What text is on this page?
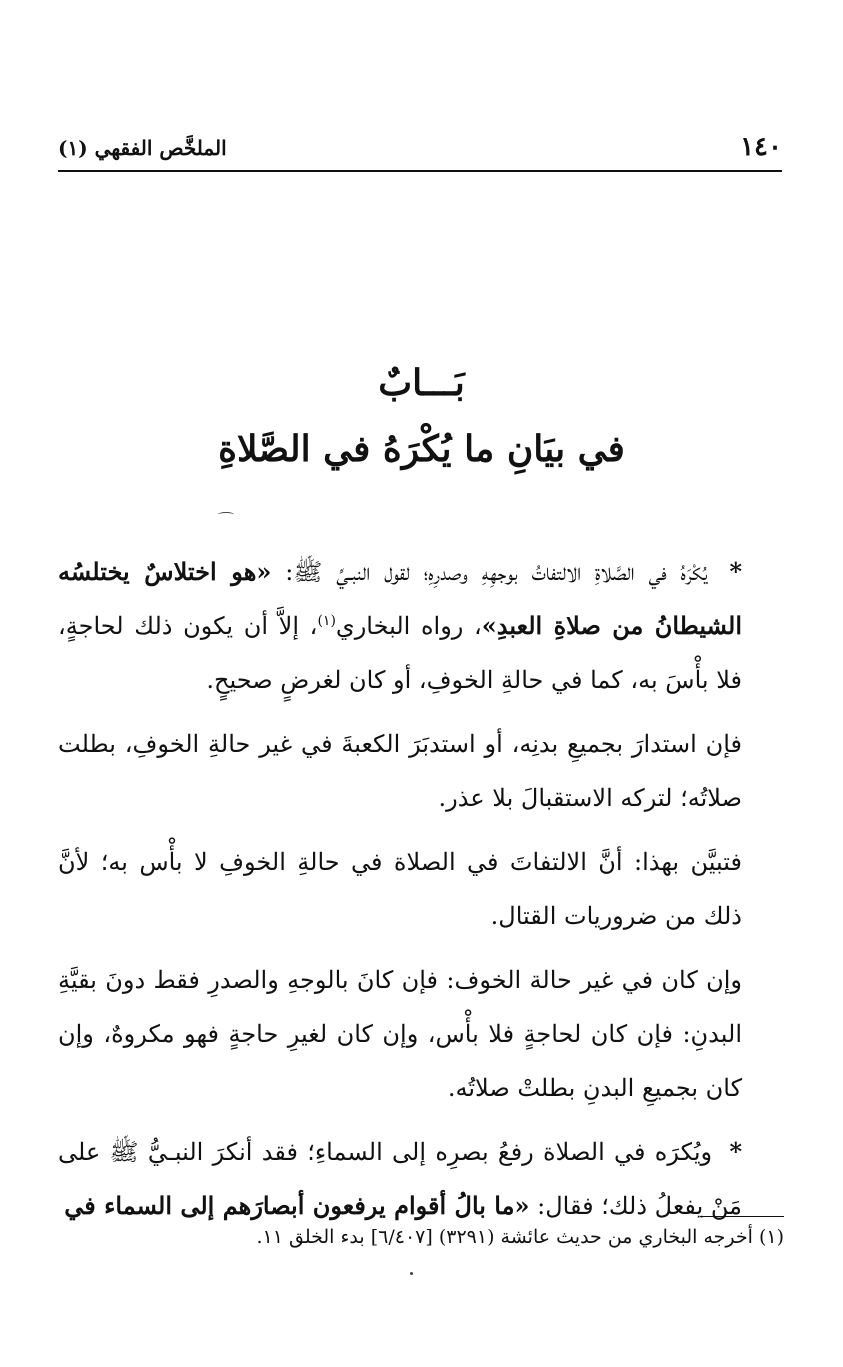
١٤٠
الملخَّص الفقهي (١)
بَـــابٌ
في بيَانِ ما يُكْرَهُ في الصَّلاةِ

* يُكْرَهُ في الصَّلاةِ الالتفاتُ بوجهِهِ وصدرِهِ؛ لقول النبـيِّ ﷺ: «هو اختلاسٌ يختلسُه الشيطانُ من صلاةِ العبدِ»، رواه البخاري$^{(١)}$، إلاَّ أن يكون ذلك لحاجةٍ، فلا بأْسَ به، كما في حالةِ الخوفِ، أو كان لغرضٍ صحيحٍ.

فإن استدارَ بجميعِ بدنِه، أو استدبَرَ الكعبةَ في غير حالةِ الخوفِ، بطلت صلاتُه؛ لتركه الاستقبالَ بلا عذر.

فتبيَّن بهذا: أنَّ الالتفاتَ في الصلاة في حالةِ الخوفِ لا بأْس به؛ لأنَّ ذلك من ضروريات القتال.

وإن كان في غير حالة الخوف: فإن كانَ بالوجهِ والصدرِ فقط دونَ بقيَّةِ البدنِ: فإن كان لحاجةٍ فلا بأْس، وإن كان لغيرِ حاجةٍ فهو مكروهٌ، وإن كان بجميعِ البدنِ بطلتْ صلاتُه.

* ويُكرَه في الصلاة رفعُ بصرِه إلى السماءِ؛ فقد أنكرَ النبـيُّ ﷺ على مَنْ يفعلُ ذلك؛ فقال: «ما بالُ أقوام يرفعون أبصارَهم إلى السماء في

(١) أخرجه البخاري من حديث عائشة (٣٢٩١) [٦/٤٠٧] بدء الخلق ١١.
